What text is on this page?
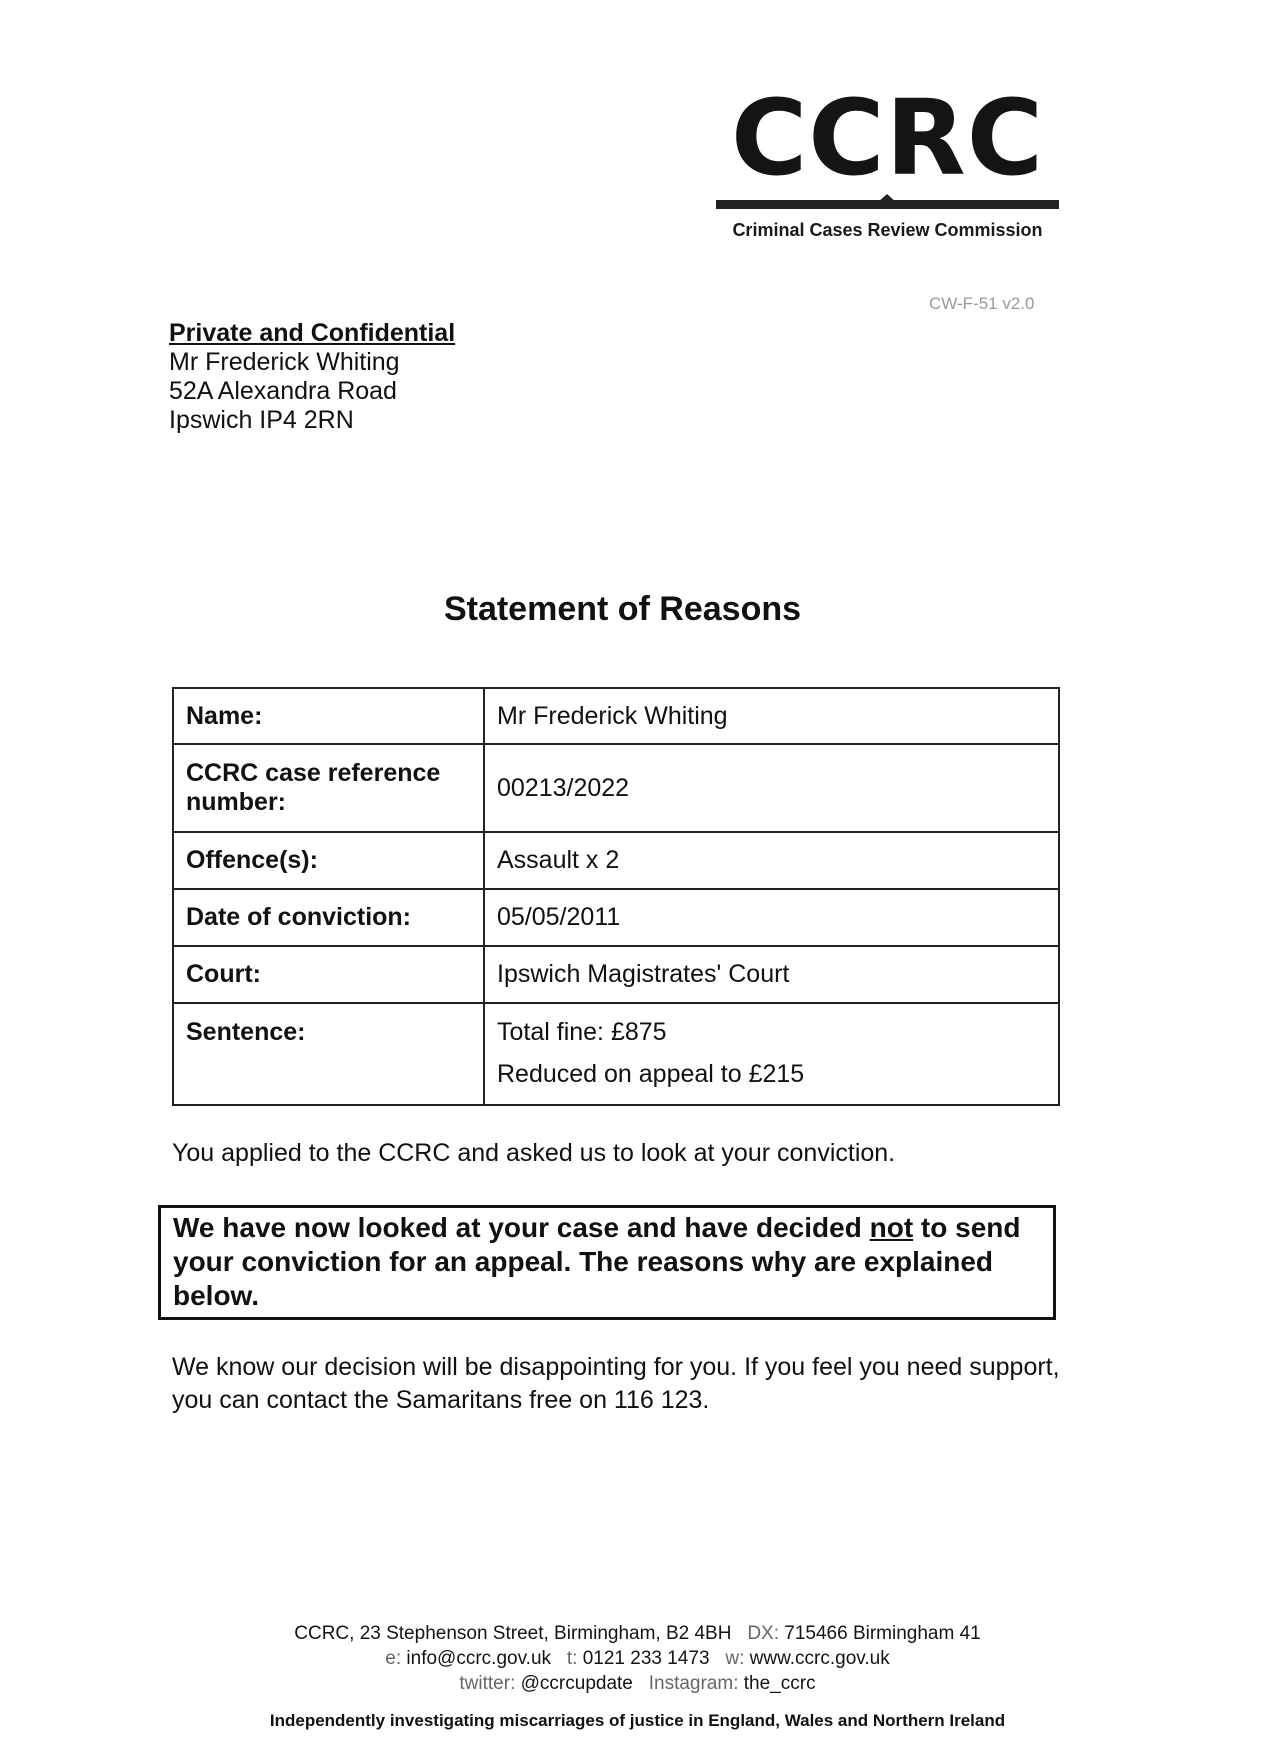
CCRC
Criminal Cases Review Commission
CW-F-51 v2.0
Private and Confidential
Mr Frederick Whiting
52A Alexandra Road
Ipswich IP4 2RN
Statement of Reasons
Name:	Mr Frederick Whiting

CCRC case reference
number:	00213/2022
Offence(s):	Assault x 2
Date of conviction:	05/05/2011
Court:	Ipswich Magistrates' Court
Sentence:	Total fine: £875
Reduced on appeal to £215
You applied to the CCRC and asked us to look at your conviction.
We have now looked at your case and have decided not to send your conviction for an appeal. The reasons why are explained below.
We know our decision will be disappointing for you. If you feel you need support, you can contact the Samaritans free on 116 123.
CCRC, 23 Stephenson Street, Birmingham, B2 4BH DX: 715466 Birmingham 41
e: info@ccrc.gov.uk t: 0121 233 1473 w: www.ccrc.gov.uk
twitter: @ccrcupdate Instagram: the_ccrc
Independently investigating miscarriages of justice in England, Wales and Northern Ireland
